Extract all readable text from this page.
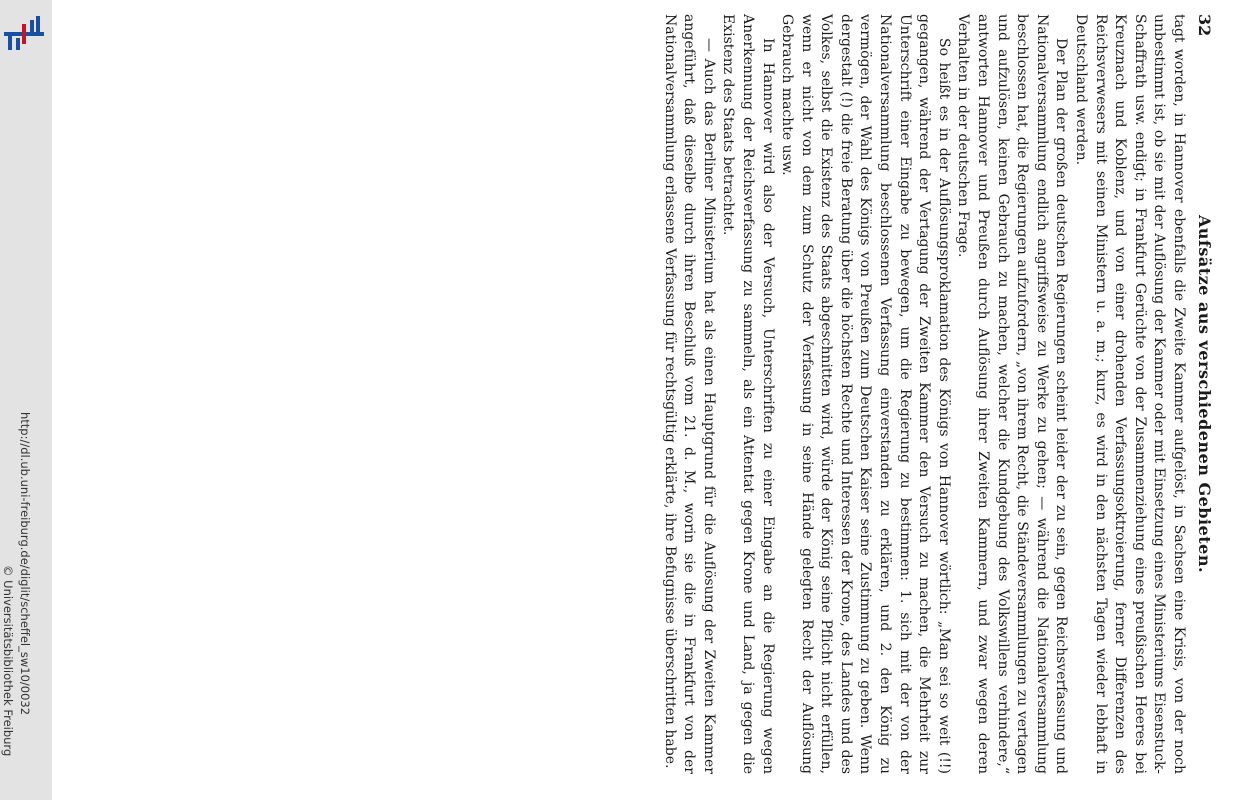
http://dl.ub.uni-freiburg.de/diglit/scheffel_sw10/0032
© Universitätsbibliothek Freiburg
32
Aufsätze aus verschiedenen Gebieten.

tagt worden, in Hannover ebenfalls die Zweite Kammer aufgelöst, in Sachsen eine Krisis, von der noch unbestimmt ist, ob sie mit der Auflösung der Kammer oder mit Einsetzung eines Ministeriums Eisenstuck-Schaffrath usw. endigt; in Frankfurt Gerüchte von der Zusammenziehung eines preußischen Heeres bei Kreuznach und Koblenz, und von einer drohenden Verfassungsoktroierung, ferner Differenzen des Reichsverwesers mit seinen Ministern u. a. m.; kurz, es wird in den nächsten Tagen wieder lebhaft in Deutschland werden.

Der Plan der großen deutschen Regierungen scheint leider der zu sein, gegen Reichsverfassung und Nationalversammlung endlich angriffsweise zu Werke zu gehen; — während die Nationalversammlung beschlossen hat, die Regierungen aufzufordern, „von ihrem Recht, die Ständeversammlungen zu vertagen und aufzulösen, keinen Gebrauch zu machen, welcher die Kundgebung des Volkswillens verhindere,“ antworten Hannover und Preußen durch Auflösung ihrer Zweiten Kammern, und zwar wegen deren Verhalten in der deutschen Frage.

So heißt es in der Auflösungsproklamation des Königs von Hannover wörtlich: „Man sei so weit (!!) gegangen, während der Vertagung der Zweiten Kammer den Versuch zu machen, die Mehrheit zur Unterschrift einer Eingabe zu bewegen, um die Regierung zu bestimmen: 1. sich mit der von der Nationalversammlung beschlossenen Verfassung einverstanden zu erklären, und 2. den König zu vermögen, der Wahl des Königs von Preußen zum Deutschen Kaiser seine Zustimmung zu geben. Wenn dergestalt (!) die freie Beratung über die höchsten Rechte und Interessen der Krone, des Landes und des Volkes, selbst die Existenz des Staats abgeschnitten wird, würde der König seine Pflicht nicht erfüllen, wenn er nicht von dem zum Schutz der Verfassung in seine Hände gelegten Recht der Auflösung Gebrauch machte usw.

In Hannover wird also der Versuch, Unterschriften zu einer Eingabe an die Regierung wegen Anerkennung der Reichsverfassung zu sammeln, als ein Attentat gegen Krone und Land, ja gegen die Existenz des Staats betrachtet.

— Auch das Berliner Ministerium hat als einen Hauptgrund für die Auflösung der Zweiten Kammer angeführt, daß dieselbe durch ihren Beschluß vom 21. d. M., worin sie die in Frankfurt von der Nationalversammlung erlassene Verfassung für rechtsgültig erklärte, ihre Befugnisse überschritten habe.
